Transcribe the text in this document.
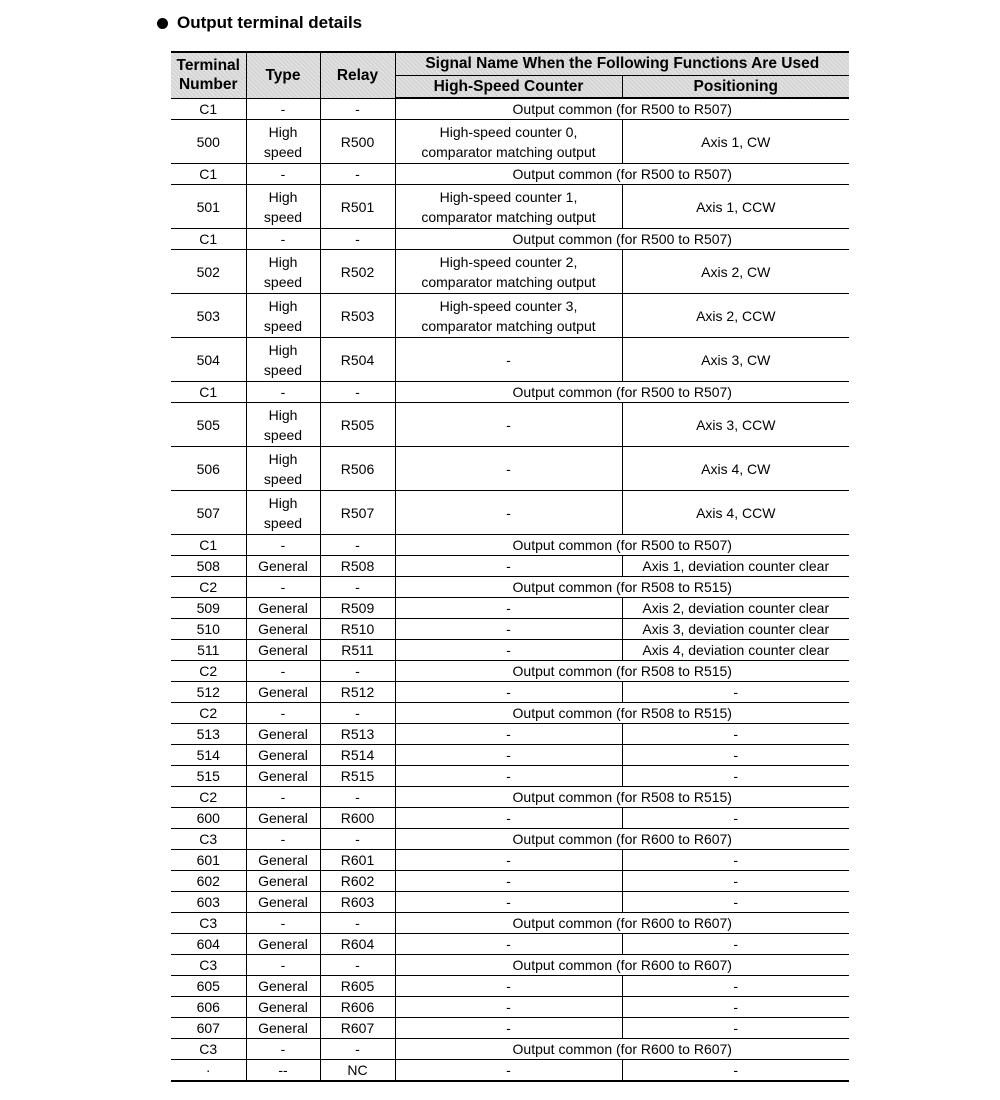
Output terminal details
Terminal Number	Type	Relay	Signal Name When the Following Functions Are Used	
			High-Speed Counter	Positioning
C1	-	-	Output common (for R500 to R507)	
500	High speed	R500	High-speed counter 0, comparator matching output	Axis 1, CW
C1	-	-	Output common (for R500 to R507)	
501	High speed	R501	High-speed counter 1, comparator matching output	Axis 1, CCW
C1	-	-	Output common (for R500 to R507)	
502	High speed	R502	High-speed counter 2, comparator matching output	Axis 2, CW
503	High speed	R503	High-speed counter 3, comparator matching output	Axis 2, CCW
504	High speed	R504	-	Axis 3, CW
C1	-	-	Output common (for R500 to R507)	
505	High speed	R505	-	Axis 3, CCW
506	High speed	R506	-	Axis 4, CW
507	High speed	R507	-	Axis 4, CCW
C1	-	-	Output common (for R500 to R507)	
508	General	R508	-	Axis 1, deviation counter clear
C2	-	-	Output common (for R508 to R515)	
509	General	R509	-	Axis 2, deviation counter clear
510	General	R510	-	Axis 3, deviation counter clear
511	General	R511	-	Axis 4, deviation counter clear
C2	-	-	Output common (for R508 to R515)	
512	General	R512	-	-
C2	-	-	Output common (for R508 to R515)	
513	General	R513	-	-
514	General	R514	-	-
515	General	R515	-	-
C2	-	-	Output common (for R508 to R515)	
600	General	R600	-	-
C3	-	-	Output common (for R600 to R607)	
601	General	R601	-	-
602	General	R602	-	-
603	General	R603	-	-
C3	-	-	Output common (for R600 to R607)	
604	General	R604	-	-
C3	-	-	Output common (for R600 to R607)	
605	General	R605	-	-
606	General	R606	-	-
607	General	R607	-	-
C3	-	-	Output common (for R600 to R607)	
·	--	NC	-	-
